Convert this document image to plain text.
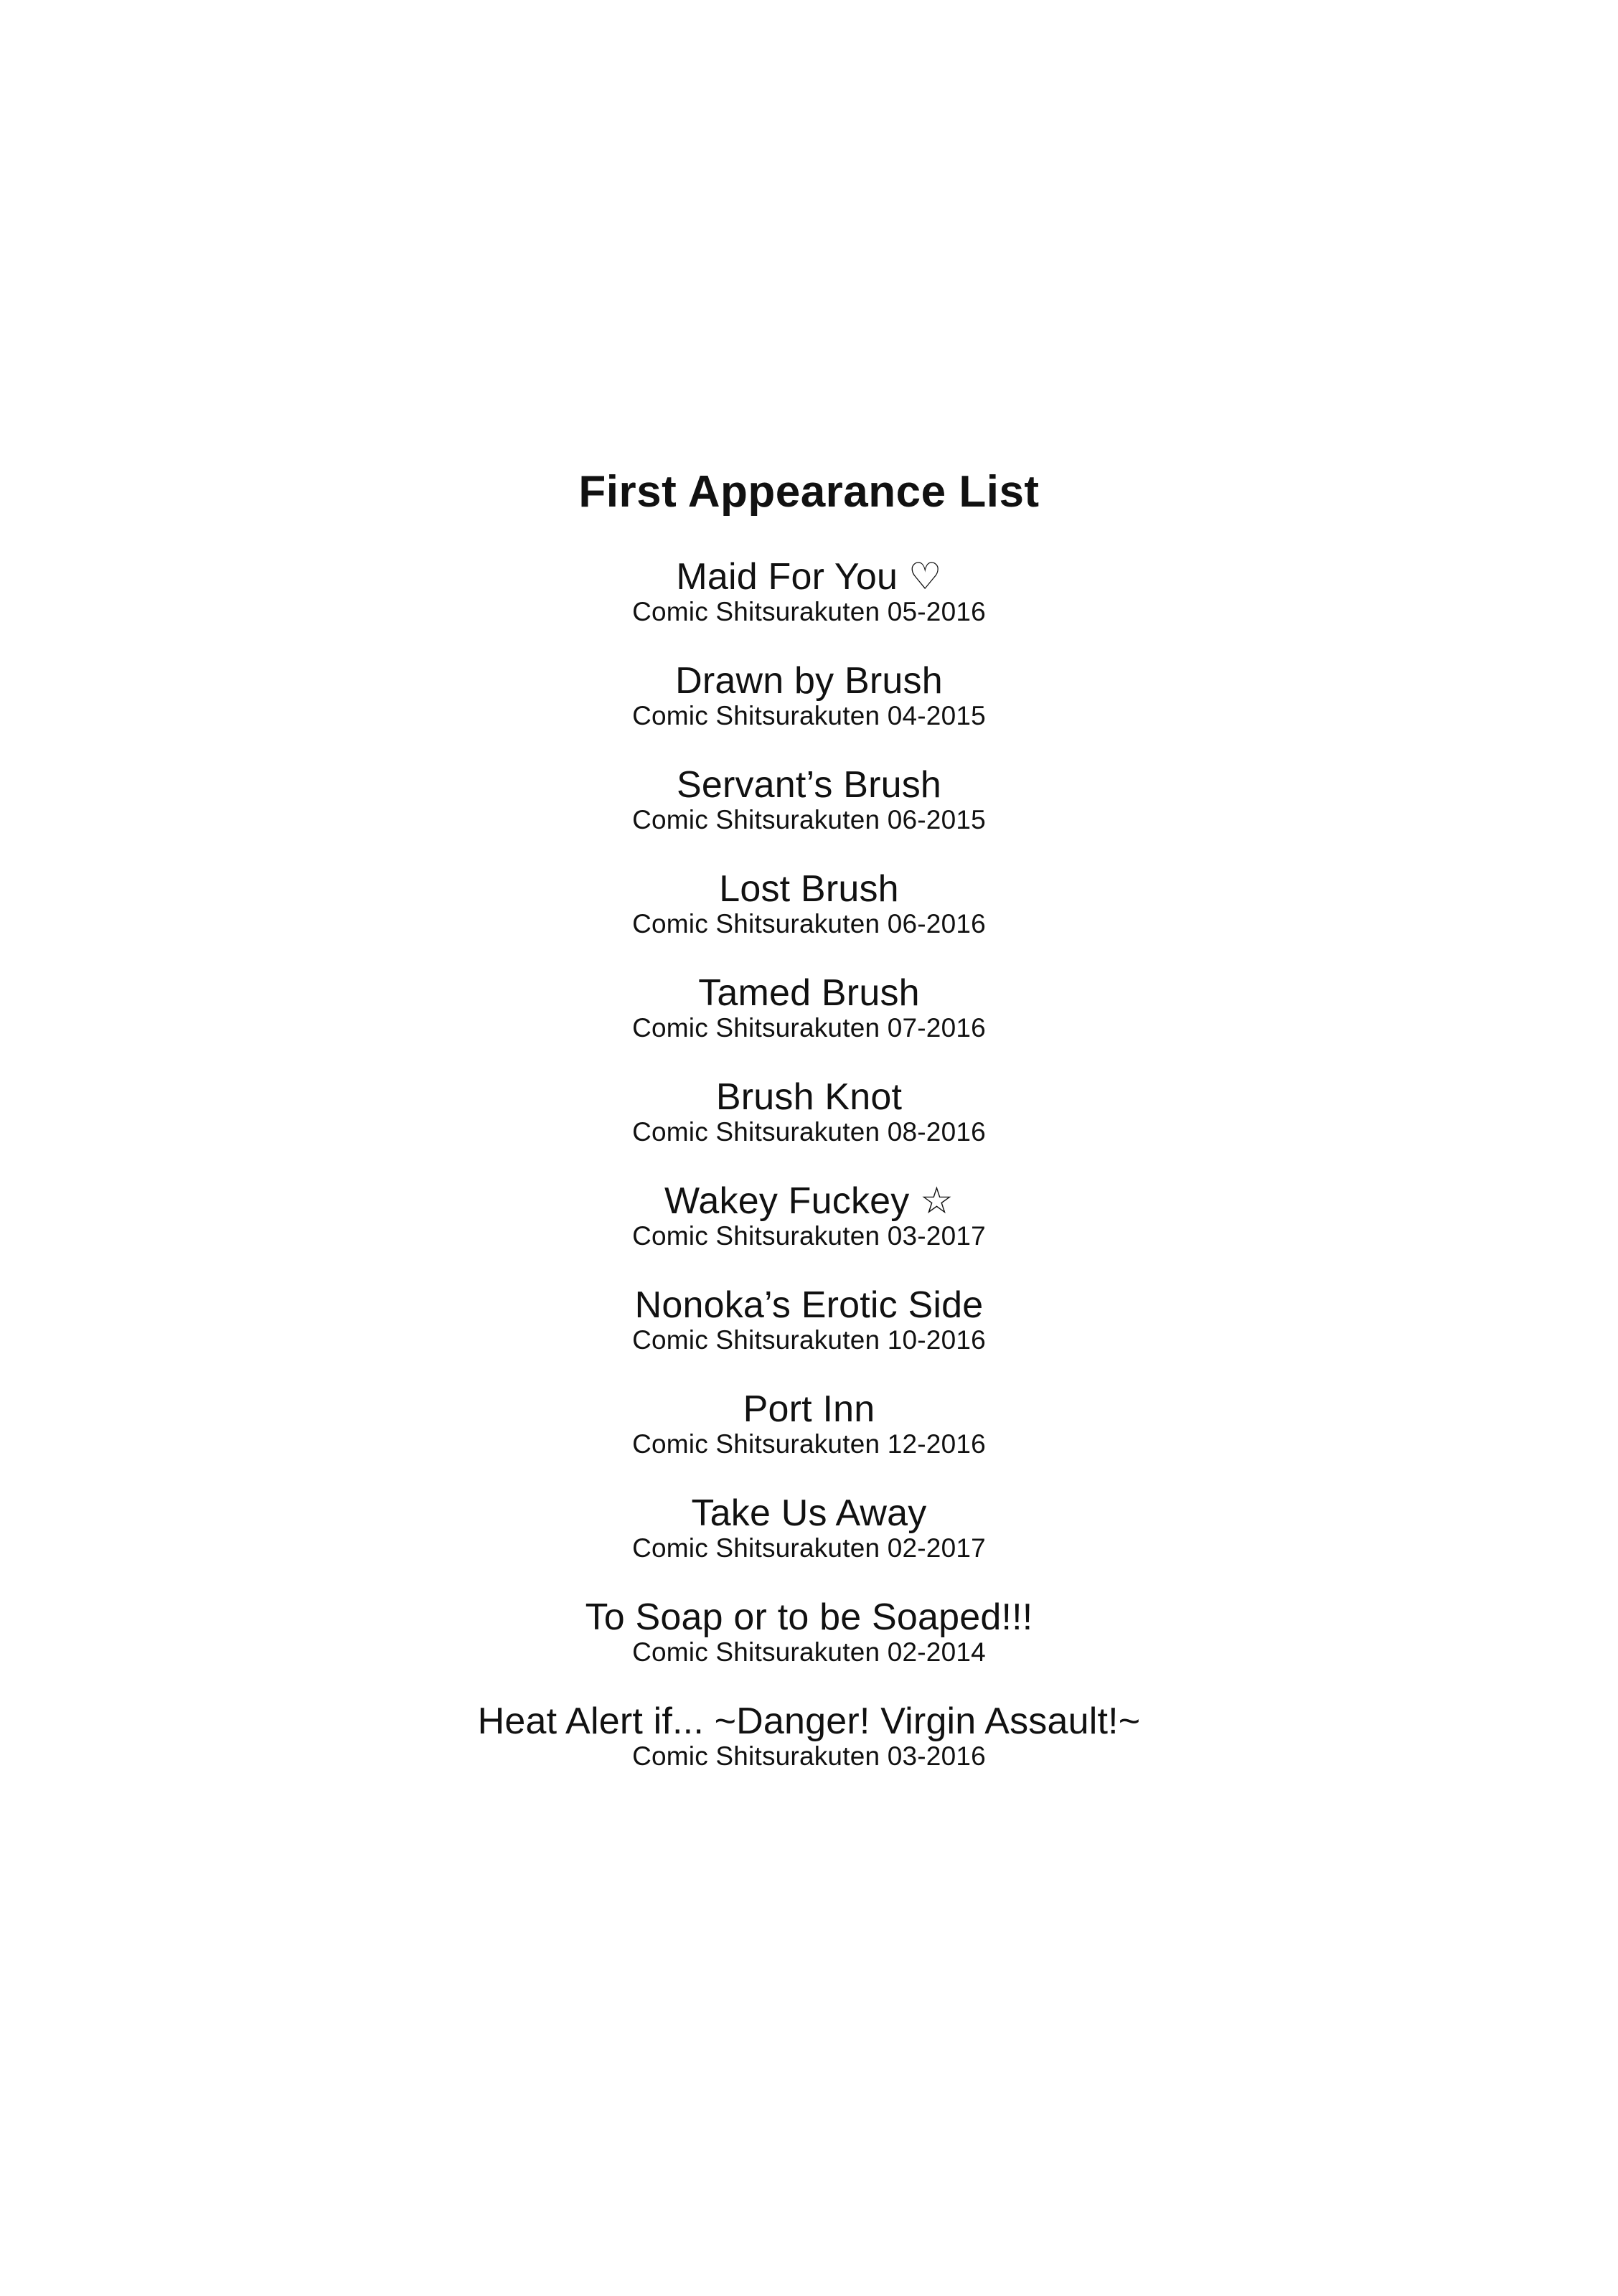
First Appearance List
Maid For You ♡
Comic Shitsurakuten 05-2016
Drawn by Brush
Comic Shitsurakuten 04-2015
Servant’s Brush
Comic Shitsurakuten 06-2015
Lost Brush
Comic Shitsurakuten 06-2016
Tamed Brush
Comic Shitsurakuten 07-2016
Brush Knot
Comic Shitsurakuten 08-2016
Wakey Fuckey ☆
Comic Shitsurakuten 03-2017
Nonoka’s Erotic Side
Comic Shitsurakuten 10-2016
Port Inn
Comic Shitsurakuten 12-2016
Take Us Away
Comic Shitsurakuten 02-2017
To Soap or to be Soaped!!!
Comic Shitsurakuten 02-2014
Heat Alert if... ~Danger! Virgin Assault!~
Comic Shitsurakuten 03-2016
